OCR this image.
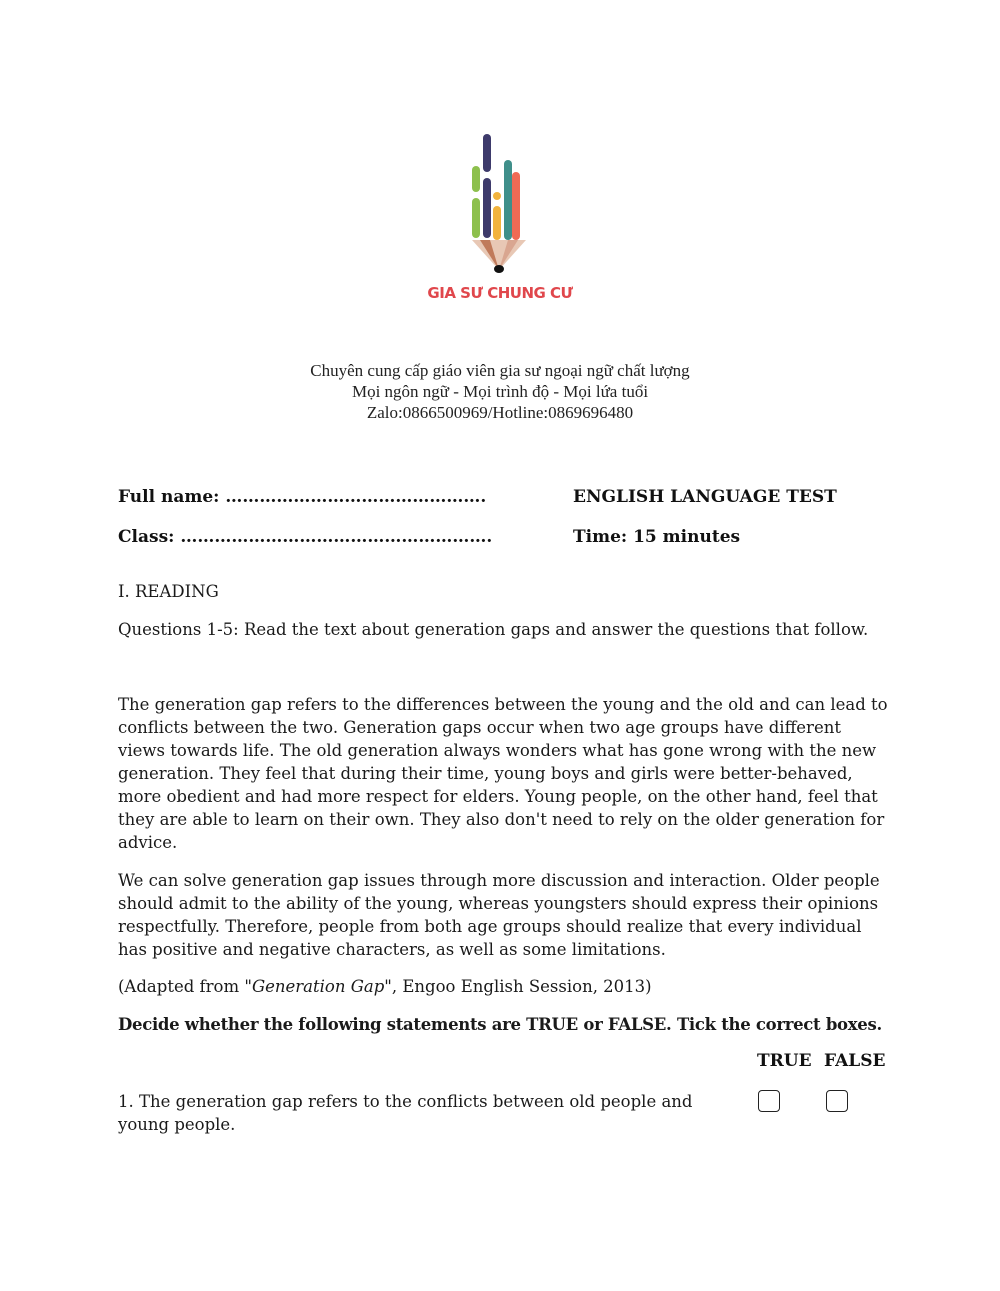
GIA SƯ CHUNG CƯ
Chuyên cung cấp giáo viên gia sư ngoại ngữ chất lượng
Mọi ngôn ngữ - Mọi trình độ - Mọi lứa tuổi
Zalo:0866500969/Hotline:0869696480
Full name: ……………………………………….	ENGLISH LANGUAGE TEST
Class: ……………………………………………….	Time: 15 minutes
I. READING
Questions 1-5: Read the text about generation gaps and answer the questions that follow.

The generation gap refers to the differences between the young and the old and can lead to conflicts between the two. Generation gaps occur when two age groups have different views towards life. The old generation always wonders what has gone wrong with the new generation. They feel that during their time, young boys and girls were better-behaved, more obedient and had more respect for elders. Young people, on the other hand, feel that they are able to learn on their own. They also don't need to rely on the older generation for advice.

We can solve generation gap issues through more discussion and interaction. Older people should admit to the ability of the young, whereas youngsters should express their opinions respectfully. Therefore, people from both age groups should realize that every individual has positive and negative characters, as well as some limitations.

(Adapted from "Generation Gap", Engoo English Session, 2013)
Decide whether the following statements are TRUE or FALSE. Tick the correct boxes.
TRUE FALSE
1. The generation gap refers to the conflicts between old people and young people.
